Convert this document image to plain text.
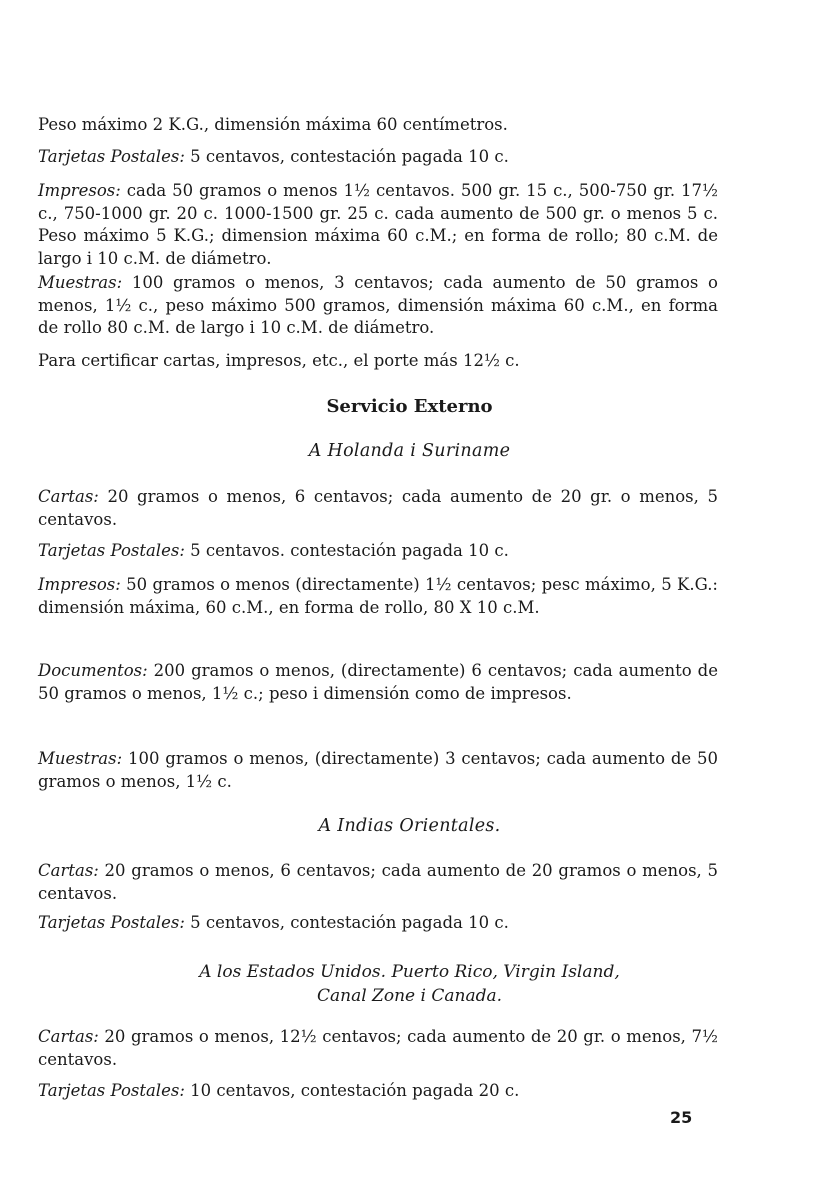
Peso máximo 2 K.G., dimensión máxima 60 centímetros.

Tarjetas Postales: 5 centavos, contestación pagada 10 c.

Impresos: cada 50 gramos o menos 1½ centavos. 500 gr. 15 c., 500-750 gr. 17½ c., 750-1000 gr. 20 c. 1000-1500 gr. 25 c. cada aumento de 500 gr. o menos 5 c. Peso máximo 5 K.G.; dimension máxima 60 c.M.; en forma de rollo; 80 c.M. de largo i 10 c.M. de diámetro.

Muestras: 100 gramos o menos, 3 centavos; cada aumento de 50 gramos o menos, 1½ c., peso máximo 500 gramos, dimensión máxima 60 c.M., en forma de rollo 80 c.M. de largo i 10 c.M. de diámetro.

Para certificar cartas, impresos, etc., el porte más 12½ c.

Servicio Externo

A Holanda i Suriname

Cartas: 20 gramos o menos, 6 centavos; cada aumento de 20 gr. o menos, 5 centavos.

Tarjetas Postales: 5 centavos. contestación pagada 10 c.

Impresos: 50 gramos o menos (directamente) 1½ centavos; pesc máximo, 5 K.G.: dimensión máxima, 60 c.M., en forma de rollo, 80 X 10 c.M.

Documentos: 200 gramos o menos, (directamente) 6 centavos; cada aumento de 50 gramos o menos, 1½ c.; peso i dimensión como de impresos.

Muestras: 100 gramos o menos, (directamente) 3 centavos; cada aumento de 50 gramos o menos, 1½ c.

A Indias Orientales.

Cartas: 20 gramos o menos, 6 centavos; cada aumento de 20 gramos o menos, 5 centavos.

Tarjetas Postales: 5 centavos, contestación pagada 10 c.

A los Estados Unidos. Puerto Rico, Virgin Island,
Canal Zone i Canada.

Cartas: 20 gramos o menos, 12½ centavos; cada aumento de 20 gr. o menos, 7½ centavos.

Tarjetas Postales: 10 centavos, contestación pagada 20 c.

25
